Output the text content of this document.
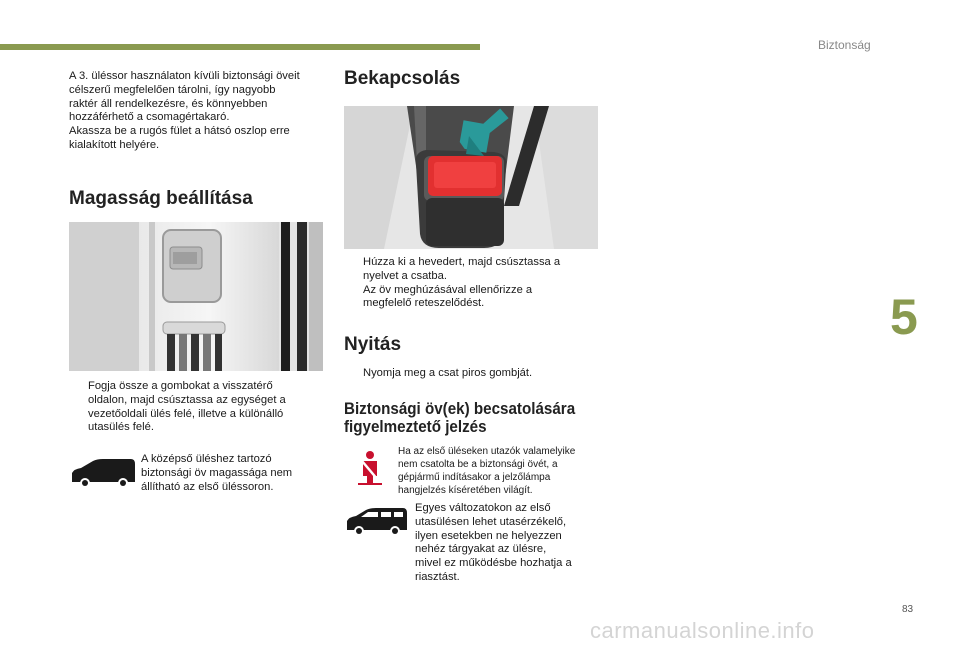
Biztonság
5
A 3. üléssor használaton kívüli biztonsági öveit
célszerű megfelelően tárolni, így nagyobb
raktér áll rendelkezésre, és könnyebben
hozzáférhető a csomagértakaró.
Akassza be a rugós fület a hátsó oszlop erre
kialakított helyére.
Magasság beállítása
Fogja össze a gombokat a visszatérő
oldalon, majd csúsztassa az egységet a
vezetőoldali ülés felé, illetve a különálló
utasülés felé.
A középső üléshez tartozó
biztonsági öv magassága nem
állítható az első üléssoron.
Bekapcsolás
Húzza ki a hevedert, majd csúsztassa a
nyelvet a csatba.
Az öv meghúzásával ellenőrizze a
megfelelő reteszelődést.
Nyitás
Nyomja meg a csat piros gombját.
Biztonsági öv(ek) becsatolására
figyelmeztető jelzés
Ha az első üléseken utazók valamelyike
nem csatolta be a biztonsági övét, a
gépjármű indításakor a jelzőlámpa
hangjelzés kíséretében világít.
Egyes változatokon az első
utasülésen lehet utasérzékelő,
ilyen esetekben ne helyezzen
nehéz tárgyakat az ülésre,
mivel ez működésbe hozhatja a
riasztást.
83
carmanualsonline.info
